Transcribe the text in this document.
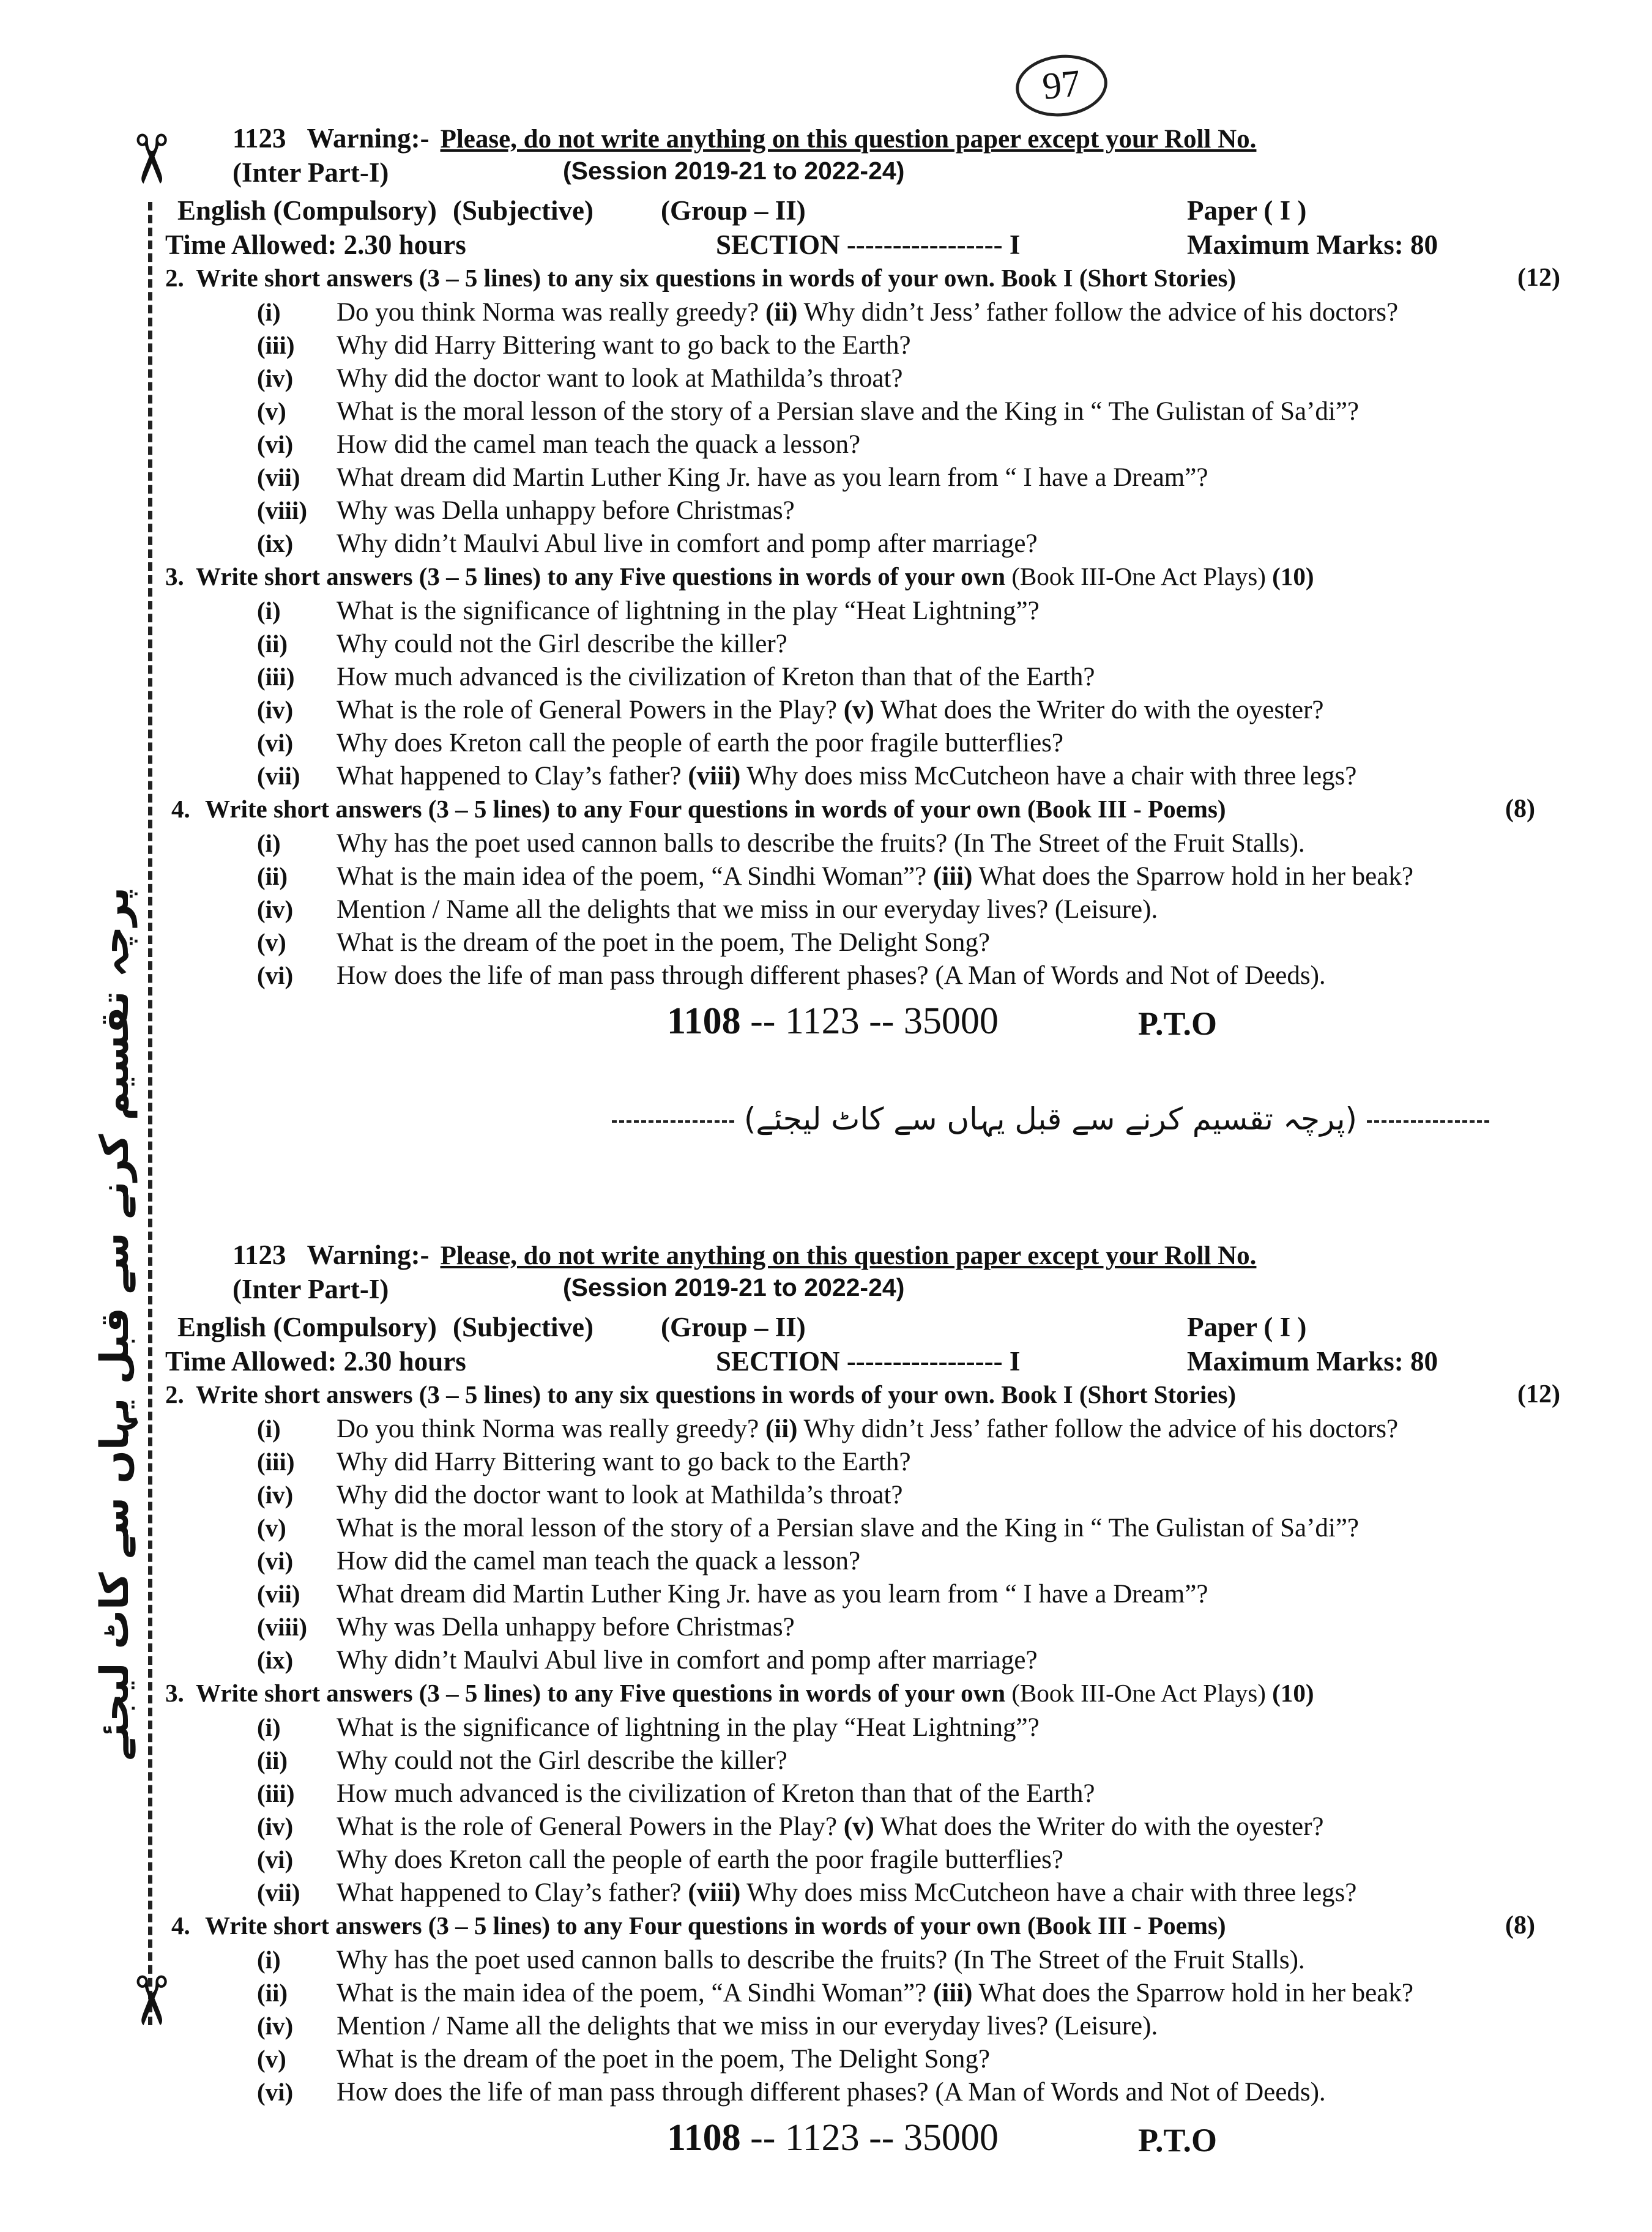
97
✂
✂
پرچہ تقسیم کرنے سے قبل یہاں سے کاٹ لیجئے	(پرچہ تقسیم کرنے سے قبل یہاں سے کاٹ لیجئے)
1123 Warning:- Please, do not write anything on this question paper except your Roll No.
(Inter Part-I)	(Session 2019-21 to 2022-24)
English (Compulsory) (Subjective) (Group – II)	Paper ( I )
Time Allowed: 2.30 hours	SECTION ----------------- I	Maximum Marks: 80
2. Write short answers (3 – 5 lines) to any six questions in words of your own. Book I (Short Stories)	(12)
(i)	Do you think Norma was really greedy? (ii) Why didn’t Jess’ father follow the advice of his doctors?
(iii)	Why did Harry Bittering want to go back to the Earth?
(iv)	Why did the doctor want to look at Mathilda’s throat?
(v)	What is the moral lesson of the story of a Persian slave and the King in “ The Gulistan of Sa’di”?
(vi)	How did the camel man teach the quack a lesson?
(vii)	What dream did Martin Luther King Jr. have as you learn from “ I have a Dream”?
(viii)	Why was Della unhappy before Christmas?
(ix)	Why didn’t Maulvi Abul live in comfort and pomp after marriage?
3. Write short answers (3 – 5 lines) to any Five questions in words of your own (Book III-One Act Plays) (10)
(i)	What is the significance of lightning in the play “Heat Lightning”?
(ii)	Why could not the Girl describe the killer?
(iii)	How much advanced is the civilization of Kreton than that of the Earth?
(iv)	What is the role of General Powers in the Play? (v) What does the Writer do with the oyester?
(vi)	Why does Kreton call the people of earth the poor fragile butterflies?
(vii)	What happened to Clay’s father? (viii) Why does miss McCutcheon have a chair with three legs?
4. Write short answers (3 – 5 lines) to any Four questions in words of your own (Book III - Poems)	(8)
(i)	Why has the poet used cannon balls to describe the fruits? (In The Street of the Fruit Stalls).
(ii)	What is the main idea of the poem, “A Sindhi Woman”? (iii) What does the Sparrow hold in her beak?
(iv)	Mention / Name all the delights that we miss in our everyday lives? (Leisure).
(v)	What is the dream of the poet in the poem, The Delight Song?
(vi)	How does the life of man pass through different phases? (A Man of Words and Not of Deeds).
1108 -- 1123 -- 35000	P.T.O
1123 Warning:- Please, do not write anything on this question paper except your Roll No.
(Inter Part-I)	(Session 2019-21 to 2022-24)
English (Compulsory) (Subjective) (Group – II)	Paper ( I )
Time Allowed: 2.30 hours	SECTION ----------------- I	Maximum Marks: 80
2. Write short answers (3 – 5 lines) to any six questions in words of your own. Book I (Short Stories)	(12)
(i)	Do you think Norma was really greedy? (ii) Why didn’t Jess’ father follow the advice of his doctors?
(iii)	Why did Harry Bittering want to go back to the Earth?
(iv)	Why did the doctor want to look at Mathilda’s throat?
(v)	What is the moral lesson of the story of a Persian slave and the King in “ The Gulistan of Sa’di”?
(vi)	How did the camel man teach the quack a lesson?
(vii)	What dream did Martin Luther King Jr. have as you learn from “ I have a Dream”?
(viii)	Why was Della unhappy before Christmas?
(ix)	Why didn’t Maulvi Abul live in comfort and pomp after marriage?
3. Write short answers (3 – 5 lines) to any Five questions in words of your own (Book III-One Act Plays) (10)
(i)	What is the significance of lightning in the play “Heat Lightning”?
(ii)	Why could not the Girl describe the killer?
(iii)	How much advanced is the civilization of Kreton than that of the Earth?
(iv)	What is the role of General Powers in the Play? (v) What does the Writer do with the oyester?
(vi)	Why does Kreton call the people of earth the poor fragile butterflies?
(vii)	What happened to Clay’s father? (viii) Why does miss McCutcheon have a chair with three legs?
4. Write short answers (3 – 5 lines) to any Four questions in words of your own (Book III - Poems)	(8)
(i)	Why has the poet used cannon balls to describe the fruits? (In The Street of the Fruit Stalls).
(ii)	What is the main idea of the poem, “A Sindhi Woman”? (iii) What does the Sparrow hold in her beak?
(iv)	Mention / Name all the delights that we miss in our everyday lives? (Leisure).
(v)	What is the dream of the poet in the poem, The Delight Song?
(vi)	How does the life of man pass through different phases? (A Man of Words and Not of Deeds).
1108 -- 1123 -- 35000	P.T.O
